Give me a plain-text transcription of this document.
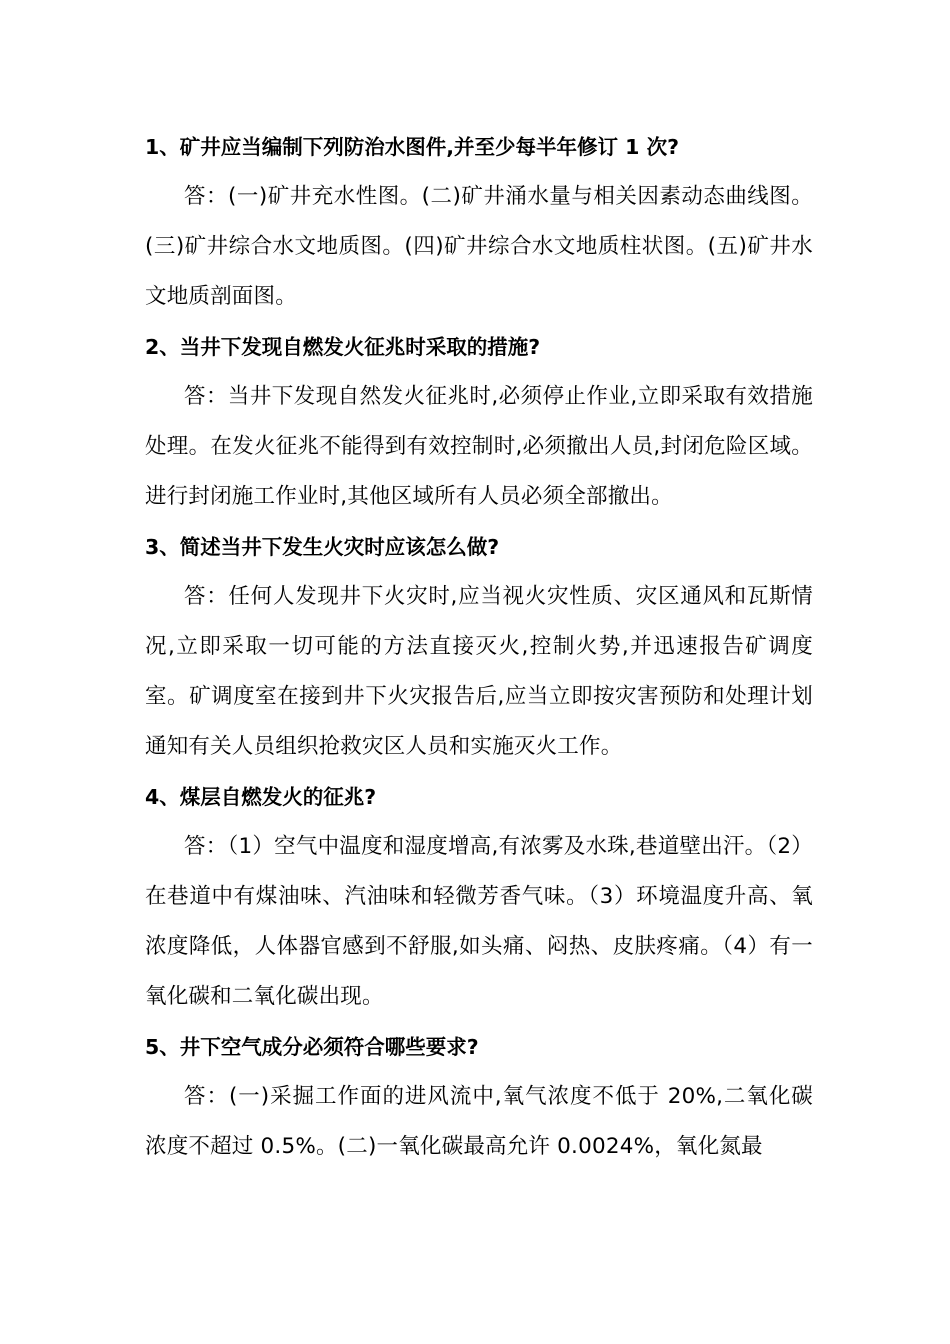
1、矿井应当编制下列防治水图件,并至少每半年修订 1 次?

答：(一)矿井充水性图。(二)矿井涌水量与相关因素动态曲线图。(三)矿井综合水文地质图。(四)矿井综合水文地质柱状图。(五)矿井水文地质剖面图。

2、当井下发现自燃发火征兆时采取的措施?

答：当井下发现自然发火征兆时,必须停止作业,立即采取有效措施处理。在发火征兆不能得到有效控制时,必须撤出人员,封闭危险区域。进行封闭施工作业时,其他区域所有人员必须全部撤出。

3、简述当井下发生火灾时应该怎么做?

答：任何人发现井下火灾时,应当视火灾性质、灾区通风和瓦斯情况,立即采取一切可能的方法直接灭火,控制火势,并迅速报告矿调度室。矿调度室在接到井下火灾报告后,应当立即按灾害预防和处理计划通知有关人员组织抢救灾区人员和实施灭火工作。

4、煤层自燃发火的征兆?

答：（1）空气中温度和湿度增高,有浓雾及水珠,巷道壁出汗。（2）在巷道中有煤油味、汽油味和轻微芳香气味。（3）环境温度升高、氧浓度降低，人体器官感到不舒服,如头痛、闷热、皮肤疼痛。（4）有一氧化碳和二氧化碳出现。

5、井下空气成分必须符合哪些要求?

答：(一)采掘工作面的进风流中,氧气浓度不低于 20%,二氧化碳浓度不超过 0.5%。(二)一氧化碳最高允许 0.0024%，氧化氮最
